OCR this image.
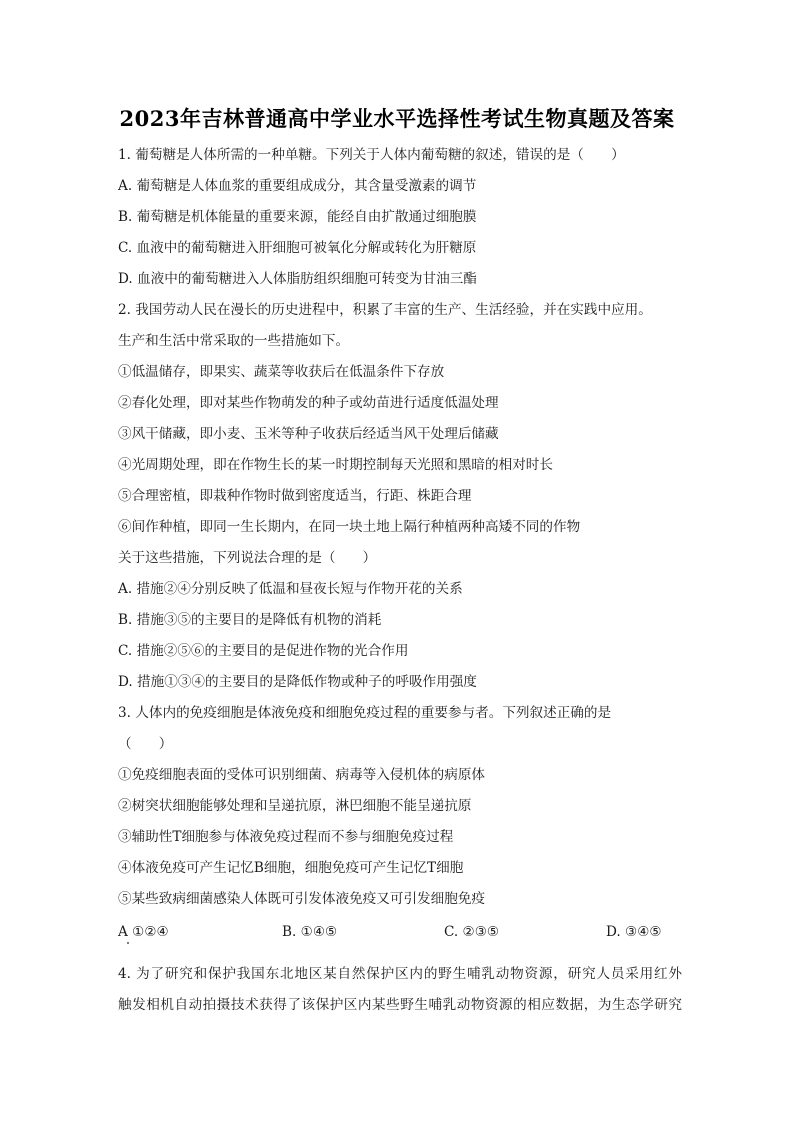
2023年吉林普通高中学业水平选择性考试生物真题及答案
1. 葡萄糖是人体所需的一种单糖。下列关于人体内葡萄糖的叙述，错误的是（　　）
A. 葡萄糖是人体血浆的重要组成成分，其含量受激素的调节
B. 葡萄糖是机体能量的重要来源，能经自由扩散通过细胞膜
C. 血液中的葡萄糖进入肝细胞可被氧化分解或转化为肝糖原
D. 血液中的葡萄糖进入人体脂肪组织细胞可转变为甘油三酯
2. 我国劳动人民在漫长的历史进程中，积累了丰富的生产、生活经验，并在实践中应用。
生产和生活中常采取的一些措施如下。
①低温储存，即果实、蔬菜等收获后在低温条件下存放
②春化处理，即对某些作物萌发的种子或幼苗进行适度低温处理
③风干储藏，即小麦、玉米等种子收获后经适当风干处理后储藏
④光周期处理，即在作物生长的某一时期控制每天光照和黑暗的相对时长
⑤合理密植，即栽种作物时做到密度适当，行距、株距合理
⑥间作种植，即同一生长期内，在同一块土地上隔行种植两种高矮不同的作物
关于这些措施，下列说法合理的是（　　）
A. 措施②④分别反映了低温和昼夜长短与作物开花的关系
B. 措施③⑤的主要目的是降低有机物的消耗
C. 措施②⑤⑥的主要目的是促进作物的光合作用
D. 措施①③④的主要目的是降低作物或种子的呼吸作用强度
3. 人体内的免疫细胞是体液免疫和细胞免疫过程的重要参与者。下列叙述正确的是
（　　）
①免疫细胞表面的受体可识别细菌、病毒等入侵机体的病原体
②树突状细胞能够处理和呈递抗原，淋巴细胞不能呈递抗原
③辅助性T细胞参与体液免疫过程而不参与细胞免疫过程
④体液免疫可产生记忆B细胞，细胞免疫可产生记忆T细胞
⑤某些致病细菌感染人体既可引发体液免疫又可引发细胞免疫
A ①②④	B. ①④⑤	C. ②③⑤	D. ③④⑤
4. 为了研究和保护我国东北地区某自然保护区内的野生哺乳动物资源，研究人员采用红外
触发相机自动拍摄技术获得了该保护区内某些野生哺乳动物资源的相应数据，为生态学研究
